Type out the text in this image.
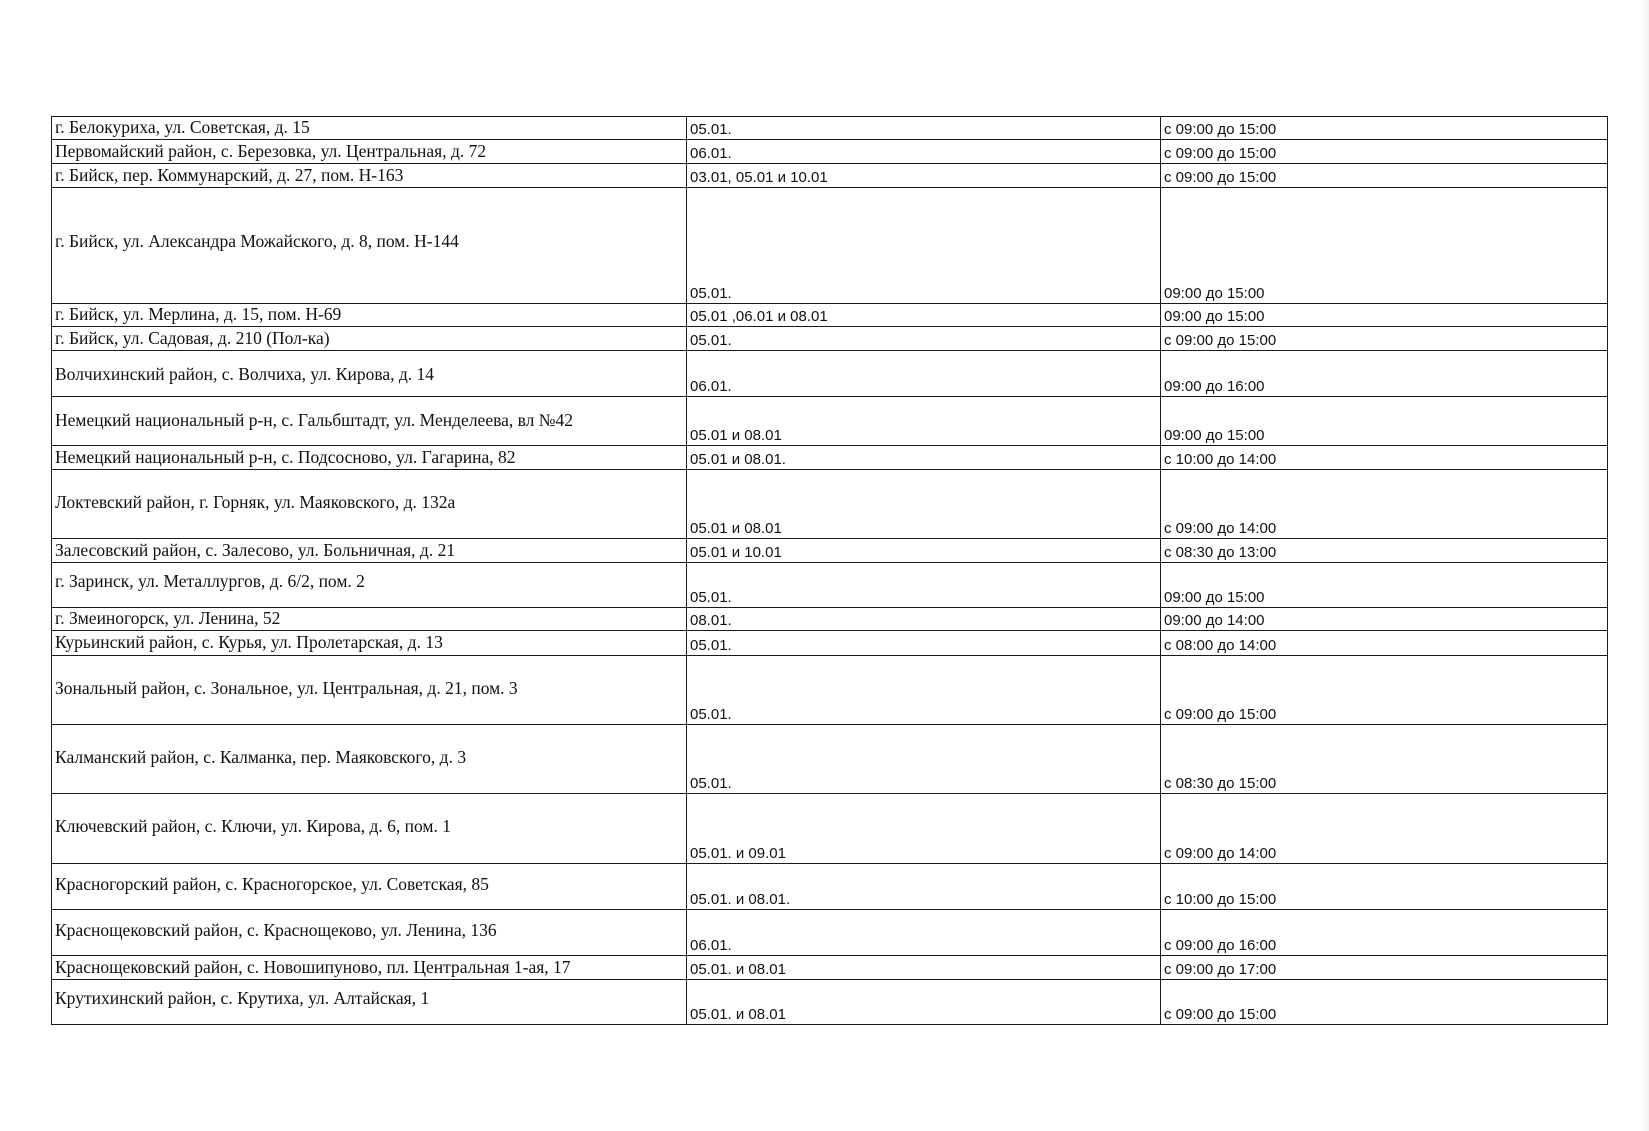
г. Белокуриха, ул. Советская, д. 15	05.01.	с 09:00 до 15:00
Первомайский район, с. Березовка, ул. Центральная, д. 72	06.01.	с 09:00 до 15:00
г. Бийск, пер. Коммунарский, д. 27, пом. Н-163	03.01, 05.01 и 10.01	с 09:00 до 15:00
г. Бийск, ул. Александра Можайского, д. 8, пом. Н-144	05.01.	09:00 до 15:00
г. Бийск, ул. Мерлина, д. 15, пом. Н-69	05.01 ,06.01 и 08.01	09:00 до 15:00
г. Бийск, ул. Садовая, д. 210 (Пол-ка)	05.01.	с 09:00 до 15:00
Волчихинский район, с. Волчиха, ул. Кирова, д. 14	06.01.	09:00 до 16:00
Немецкий национальный р-н, с. Гальбштадт, ул. Менделеева, вл №42	05.01 и 08.01	09:00 до 15:00
Немецкий национальный р-н, с. Подсосново, ул. Гагарина, 82	05.01 и 08.01.	с 10:00 до 14:00
Локтевский район, г. Горняк, ул. Маяковского, д. 132а	05.01 и 08.01	с 09:00 до 14:00
Залесовский район, с. Залесово, ул. Больничная, д. 21	05.01 и 10.01	с 08:30 до 13:00
г. Заринск, ул. Металлургов, д. 6/2, пом. 2	05.01.	09:00 до 15:00
г. Змеиногорск, ул. Ленина, 52	08.01.	09:00 до 14:00
Курьинский район, с. Курья, ул. Пролетарская, д. 13	05.01.	с 08:00 до 14:00
Зональный район, с. Зональное, ул. Центральная, д. 21, пом. 3	05.01.	с 09:00 до 15:00
Калманский район, с. Калманка, пер. Маяковского, д. 3	05.01.	с 08:30 до 15:00
Ключевский район, с. Ключи, ул. Кирова, д. 6, пом. 1	05.01. и 09.01	с 09:00 до 14:00
Красногорский район, с. Красногорское, ул. Советская, 85	05.01. и 08.01.	с 10:00 до 15:00
Краснощековский район, с. Краснощеково, ул. Ленина, 136	06.01.	с 09:00 до 16:00
Краснощековский район, с. Новошипуново, пл. Центральная 1-ая, 17	05.01. и 08.01	с 09:00 до 17:00
Крутихинский район, с. Крутиха, ул. Алтайская, 1	05.01. и 08.01	с 09:00 до 15:00
